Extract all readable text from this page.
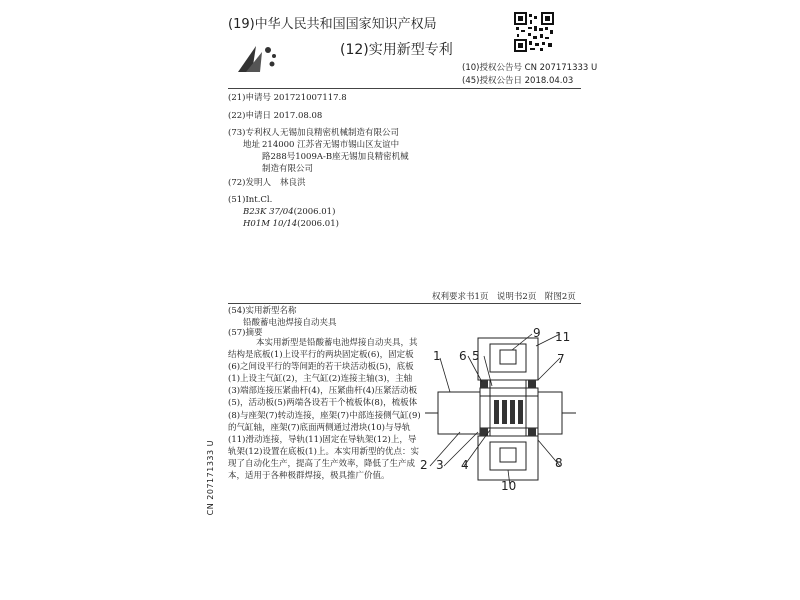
(19)中华人民共和国国家知识产权局
(12)实用新型专利
(10)授权公告号 CN 207171333 U
(45)授权公告日 2018.04.03
(21)申请号 201721007117.8
(22)申请日 2017.08.08
(73)专利权人 无锡加良精密机械制造有限公司
地址 214000 江苏省无锡市锡山区友谊中
路288号1009A-B座无锡加良精密机械
制造有限公司
(72)发明人 林良洪
(51)Int.Cl.
B23K 37/04(2006.01)
H01M 10/14(2006.01)
权利要求书1页　说明书2页　附图2页
(54)实用新型名称
铅酸蓄电池焊接自动夹具
(57)摘要

本实用新型是铅酸蓄电池焊接自动夹具，其结构是底板(1)上设平行的两块固定板(6)，固定板(6)之间设平行的等间距的若干块活动板(5)，底板(1)上设主气缸(2)，主气缸(2)连接主轴(3)，主轴(3)端部连接压紧曲杆(4)，压紧曲杆(4)压紧活动板(5)，活动板(5)两端各设若干个梳板体(8)，梳板体(8)与座架(7)转动连接，座架(7)中部连接侧气缸(9)的气缸轴，座架(7)底面两侧通过滑块(10)与导轨(11)滑动连接，导轨(11)固定在导轨架(12)上，导轨架(12)设置在底板(1)上。本实用新型的优点：实现了自动化生产，提高了生产效率，降低了生产成本，适用于各种极群焊接，极具推广价值。

9 11
1 6 5	7
2 3 4	8
10
CN 207171333 U
